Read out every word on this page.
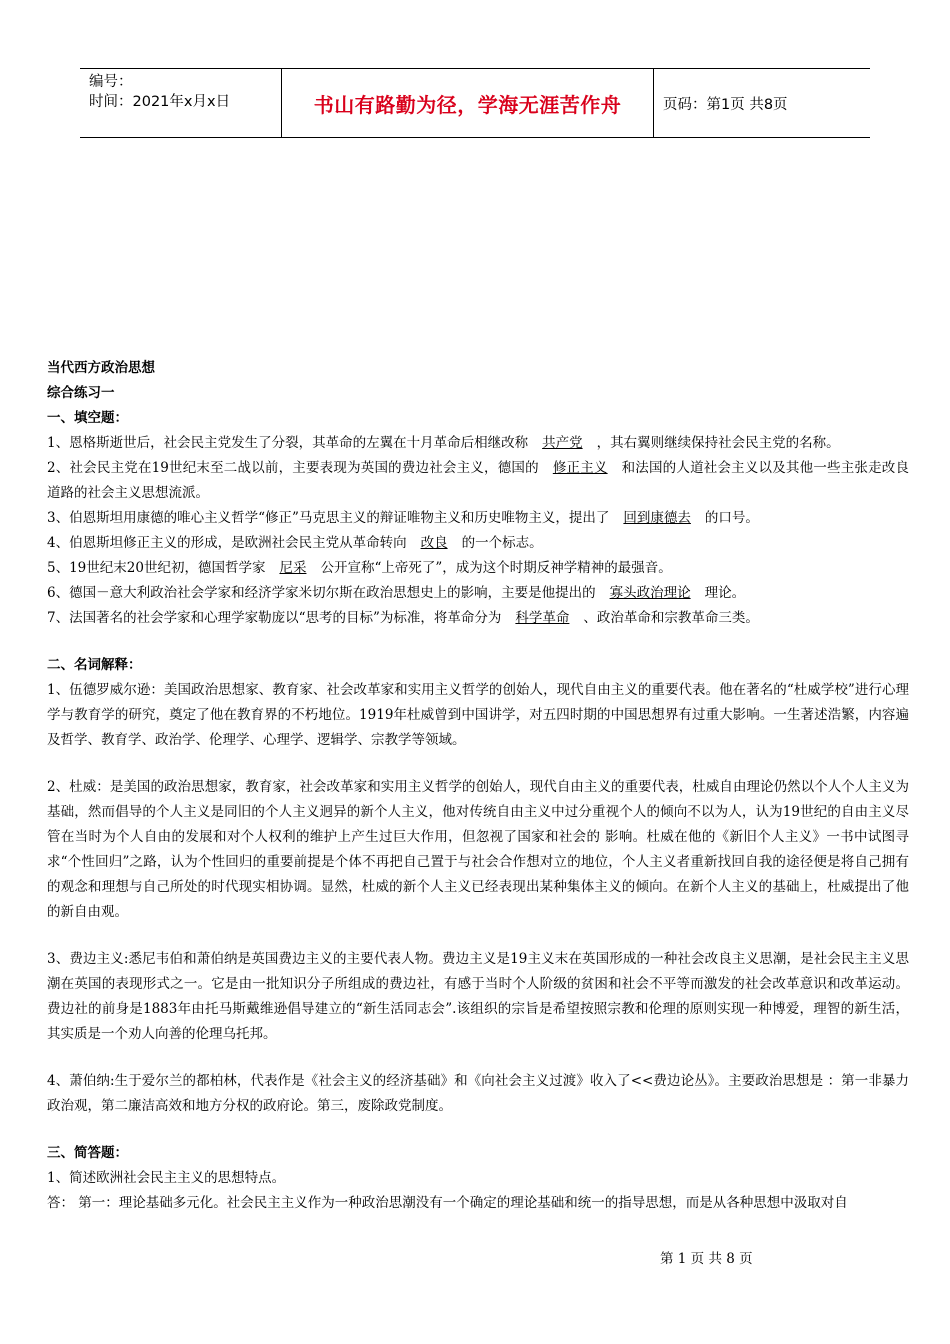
编号：
时间：2021年x月x日	书山有路勤为径，学海无涯苦作舟	页码：第1页 共8页

当代西方政治思想

综合练习一

一、填空题：

1、恩格斯逝世后，社会民主党发生了分裂，其革命的左翼在十月革命后相继改称 共产党 ，其右翼则继续保持社会民主党的名称。

2、社会民主党在19世纪末至二战以前，主要表现为英国的费边社会主义，德国的 修正主义 和法国的人道社会主义以及其他一些主张走改良道路的社会主义思想流派。

3、伯恩斯坦用康德的唯心主义哲学“修正”马克思主义的辩证唯物主义和历史唯物主义，提出了 回到康德去 的口号。

4、伯恩斯坦修正主义的形成，是欧洲社会民主党从革命转向 改良 的一个标志。

5、19世纪末20世纪初，德国哲学家 尼采 公开宣称“上帝死了”，成为这个时期反神学精神的最强音。

6、德国－意大利政治社会学家和经济学家米切尔斯在政治思想史上的影响，主要是他提出的 寡头政治理论 理论。

7、法国著名的社会学家和心理学家勒庞以“思考的目标”为标准，将革命分为 科学革命 、政治革命和宗教革命三类。

二、名词解释：

1、伍德罗威尔逊：美国政治思想家、教育家、社会改革家和实用主义哲学的创始人，现代自由主义的重要代表。他在著名的“杜威学校”进行心理学与教育学的研究，奠定了他在教育界的不朽地位。1919年杜威曾到中国讲学，对五四时期的中国思想界有过重大影响。一生著述浩繁，内容遍及哲学、教育学、政治学、伦理学、心理学、逻辑学、宗教学等领域。

2、杜威：是美国的政治思想家，教育家，社会改革家和实用主义哲学的创始人，现代自由主义的重要代表，杜威自由理论仍然以个人个人主义为基础，然而倡导的个人主义是同旧的个人主义迥异的新个人主义，他对传统自由主义中过分重视个人的倾向不以为人，认为19世纪的自由主义尽管在当时为个人自由的发展和对个人权利的维护上产生过巨大作用，但忽视了国家和社会的 影响。杜威在他的《新旧个人主义》一书中试图寻求“个性回归”之路，认为个性回归的重要前提是个体不再把自己置于与社会合作想对立的地位，个人主义者重新找回自我的途径便是将自己拥有的观念和理想与自己所处的时代现实相协调。显然，杜威的新个人主义已经表现出某种集体主义的倾向。在新个人主义的基础上，杜威提出了他的新自由观。

3、费边主义:悉尼韦伯和萧伯纳是英国费边主义的主要代表人物。费边主义是19主义末在英国形成的一种社会改良主义思潮，是社会民主主义思潮在英国的表现形式之一。它是由一批知识分子所组成的费边社，有感于当时个人阶级的贫困和社会不平等而激发的社会改革意识和改革运动。费边社的前身是1883年由托马斯戴维逊倡导建立的“新生活同志会”.该组织的宗旨是希望按照宗教和伦理的原则实现一种博爱，理智的新生活，其实质是一个劝人向善的伦理乌托邦。

4、萧伯纳:生于爱尔兰的都柏林，代表作是《社会主义的经济基础》和《向社会主义过渡》收入了<<费边论丛》。主要政治思想是 ：第一非暴力政治观，第二廉洁高效和地方分权的政府论。第三，废除政党制度。

三、简答题：

1、简述欧洲社会民主主义的思想特点。

答： 第一：理论基础多元化。社会民主主义作为一种政治思潮没有一个确定的理论基础和统一的指导思想，而是从各种思想中汲取对自

第 1 页 共 8 页
